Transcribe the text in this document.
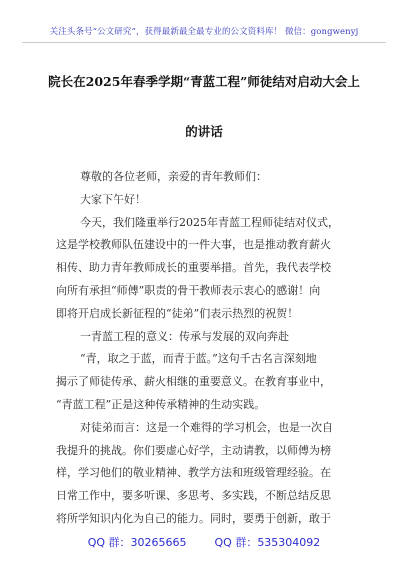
关注头条号“公文研究”，获得最新最全最专业的公文资料库！ 微信：gongwenyj
院长在2025年春季学期“青蓝工程”师徒结对启动大会上
的讲话
尊敬的各位老师，亲爱的青年教师们：
大家下午好！
今天，我们隆重举行2025年青蓝工程师徒结对仪式，
这是学校教师队伍建设中的一件大事，也是推动教育薪火
相传、助力青年教师成长的重要举措。首先，我代表学校
向所有承担“师傅”职责的骨干教师表示衷心的感谢！向
即将开启成长新征程的“徒弟”们表示热烈的祝贺！
一青蓝工程的意义：传承与发展的双向奔赴
“青，取之于蓝，而青于蓝。”这句千古名言深刻地
揭示了师徒传承、薪火相继的重要意义。在教育事业中，
“青蓝工程”正是这种传承精神的生动实践。
对徒弟而言：这是一个难得的学习机会，也是一次自
我提升的挑战。你们要虚心好学，主动请教，以师傅为榜
样，学习他们的敬业精神、教学方法和班级管理经验。在
日常工作中，要多听课、多思考、多实践，不断总结反思
将所学知识内化为自己的能力。同时，要勇于创新，敢于
QQ 群：30265665	QQ 群：535304092
